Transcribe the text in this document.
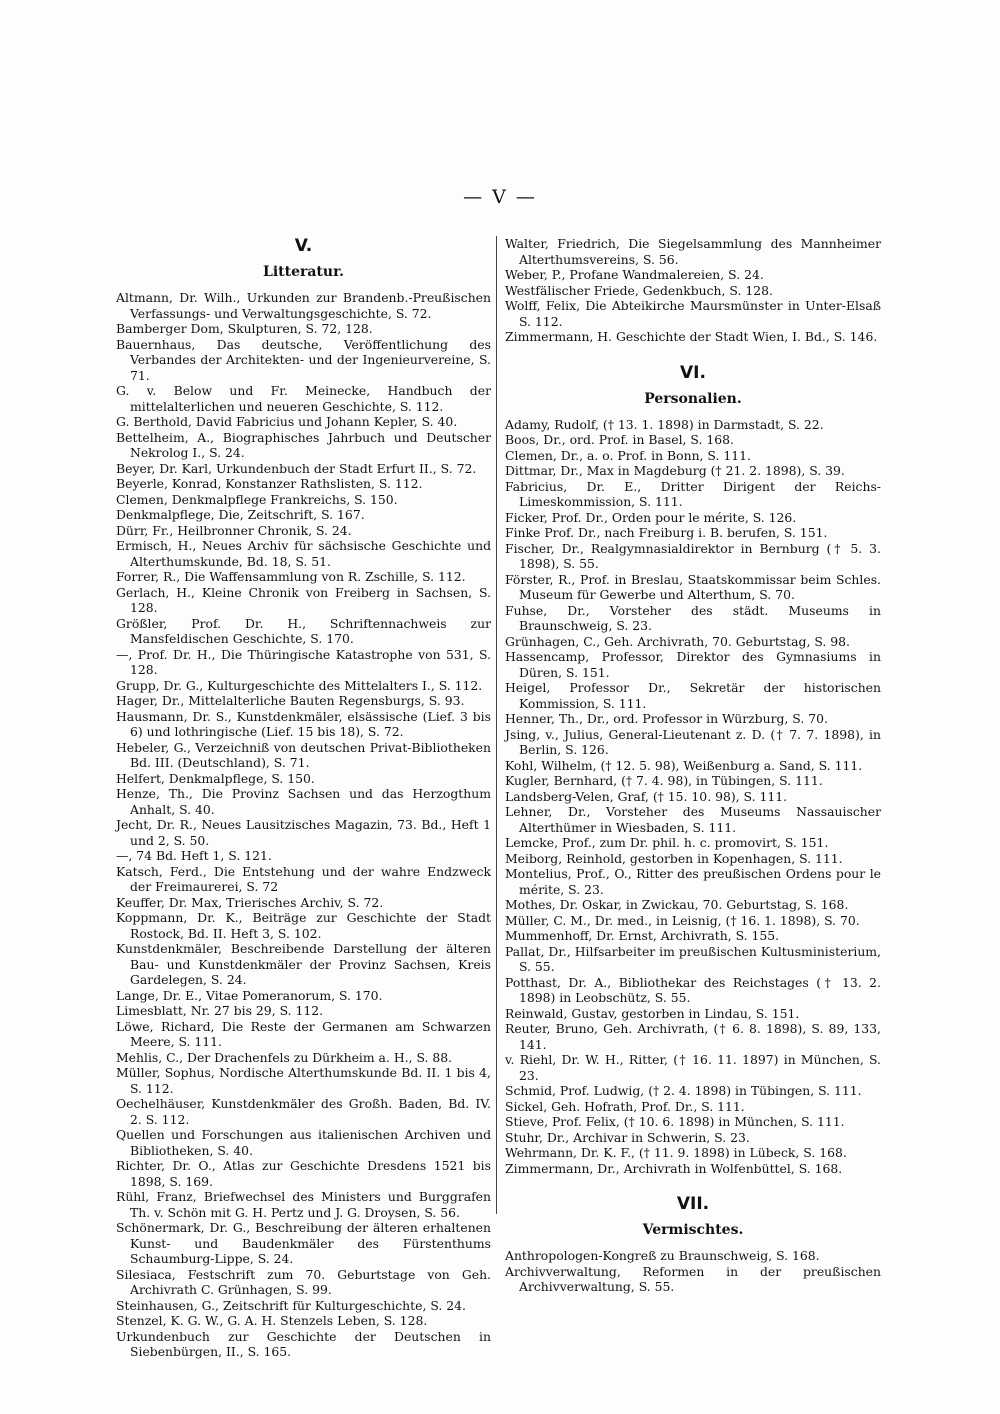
— V —
V.
Litteratur.

Altmann, Dr. Wilh., Urkunden zur Brandenb.-Preußischen Verfassungs- und Verwaltungsgeschichte, S. 72.

Bamberger Dom, Skulpturen, S. 72, 128.

Bauernhaus, Das deutsche, Veröffentlichung des Verbandes der Architekten- und der Ingenieurvereine, S. 71.

G. v. Below und Fr. Meinecke, Handbuch der mittelalterlichen und neueren Geschichte, S. 112.

G. Berthold, David Fabricius und Johann Kepler, S. 40.

Bettelheim, A., Biographisches Jahrbuch und Deutscher Nekrolog I., S. 24.

Beyer, Dr. Karl, Urkundenbuch der Stadt Erfurt II., S. 72.

Beyerle, Konrad, Konstanzer Rathslisten, S. 112.

Clemen, Denkmalpflege Frankreichs, S. 150.

Denkmalpflege, Die, Zeitschrift, S. 167.

Dürr, Fr., Heilbronner Chronik, S. 24.

Ermisch, H., Neues Archiv für sächsische Geschichte und Alterthumskunde, Bd. 18, S. 51.

Forrer, R., Die Waffensammlung von R. Zschille, S. 112.

Gerlach, H., Kleine Chronik von Freiberg in Sachsen, S. 128.

Größler, Prof. Dr. H., Schriftennachweis zur Mansfeldischen Geschichte, S. 170.

—, Prof. Dr. H., Die Thüringische Katastrophe von 531, S. 128.

Grupp, Dr. G., Kulturgeschichte des Mittelalters I., S. 112.

Hager, Dr., Mittelalterliche Bauten Regensburgs, S. 93.

Hausmann, Dr. S., Kunstdenkmäler, elsässische (Lief. 3 bis 6) und lothringische (Lief. 15 bis 18), S. 72.

Hebeler, G., Verzeichniß von deutschen Privat-Bibliotheken Bd. III. (Deutschland), S. 71.

Helfert, Denkmalpflege, S. 150.

Henze, Th., Die Provinz Sachsen und das Herzogthum Anhalt, S. 40.

Jecht, Dr. R., Neues Lausitzisches Magazin, 73. Bd., Heft 1 und 2, S. 50.

—, 74 Bd. Heft 1, S. 121.

Katsch, Ferd., Die Entstehung und der wahre Endzweck der Freimaurerei, S. 72

Keuffer, Dr. Max, Trierisches Archiv, S. 72.

Koppmann, Dr. K., Beiträge zur Geschichte der Stadt Rostock, Bd. II. Heft 3, S. 102.

Kunstdenkmäler, Beschreibende Darstellung der älteren Bau- und Kunstdenkmäler der Provinz Sachsen, Kreis Gardelegen, S. 24.

Lange, Dr. E., Vitae Pomeranorum, S. 170.

Limesblatt, Nr. 27 bis 29, S. 112.

Löwe, Richard, Die Reste der Germanen am Schwarzen Meere, S. 111.

Mehlis, C., Der Drachenfels zu Dürkheim a. H., S. 88.

Müller, Sophus, Nordische Alterthumskunde Bd. II. 1 bis 4, S. 112.

Oechelhäuser, Kunstdenkmäler des Großh. Baden, Bd. IV. 2. S. 112.

Quellen und Forschungen aus italienischen Archiven und Bibliotheken, S. 40.

Richter, Dr. O., Atlas zur Geschichte Dresdens 1521 bis 1898, S. 169.

Rühl, Franz, Briefwechsel des Ministers und Burggrafen Th. v. Schön mit G. H. Pertz und J. G. Droysen, S. 56.

Schönermark, Dr. G., Beschreibung der älteren erhaltenen Kunst- und Baudenkmäler des Fürstenthums Schaumburg-Lippe, S. 24.

Silesiaca, Festschrift zum 70. Geburtstage von Geh. Archivrath C. Grünhagen, S. 99.

Steinhausen, G., Zeitschrift für Kulturgeschichte, S. 24.

Stenzel, K. G. W., G. A. H. Stenzels Leben, S. 128.

Urkundenbuch zur Geschichte der Deutschen in Siebenbürgen, II., S. 165.

Walter, Friedrich, Die Siegelsammlung des Mannheimer Alterthumsvereins, S. 56.

Weber, P., Profane Wandmalereien, S. 24.

Westfälischer Friede, Gedenkbuch, S. 128.

Wolff, Felix, Die Abteikirche Maursmünster in Unter-Elsaß S. 112.

Zimmermann, H. Geschichte der Stadt Wien, I. Bd., S. 146.

VI.
Personalien.

Adamy, Rudolf, († 13. 1. 1898) in Darmstadt, S. 22.

Boos, Dr., ord. Prof. in Basel, S. 168.

Clemen, Dr., a. o. Prof. in Bonn, S. 111.

Dittmar, Dr., Max in Magdeburg († 21. 2. 1898), S. 39.

Fabricius, Dr. E., Dritter Dirigent der Reichs-Limeskommission, S. 111.

Ficker, Prof. Dr., Orden pour le mérite, S. 126.

Finke Prof. Dr., nach Freiburg i. B. berufen, S. 151.

Fischer, Dr., Realgymnasialdirektor in Bernburg († 5. 3. 1898), S. 55.

Förster, R., Prof. in Breslau, Staatskommissar beim Schles. Museum für Gewerbe und Alterthum, S. 70.

Fuhse, Dr., Vorsteher des städt. Museums in Braunschweig, S. 23.

Grünhagen, C., Geh. Archivrath, 70. Geburtstag, S. 98.

Hassencamp, Professor, Direktor des Gymnasiums in Düren, S. 151.

Heigel, Professor Dr., Sekretär der historischen Kommission, S. 111.

Henner, Th., Dr., ord. Professor in Würzburg, S. 70.

Jsing, v., Julius, General-Lieutenant z. D. († 7. 7. 1898), in Berlin, S. 126.

Kohl, Wilhelm, († 12. 5. 98), Weißenburg a. Sand, S. 111.

Kugler, Bernhard, († 7. 4. 98), in Tübingen, S. 111.

Landsberg-Velen, Graf, († 15. 10. 98), S. 111.

Lehner, Dr., Vorsteher des Museums Nassauischer Alterthümer in Wiesbaden, S. 111.

Lemcke, Prof., zum Dr. phil. h. c. promovirt, S. 151.

Meiborg, Reinhold, gestorben in Kopenhagen, S. 111.

Montelius, Prof., O., Ritter des preußischen Ordens pour le mérite, S. 23.

Mothes, Dr. Oskar, in Zwickau, 70. Geburtstag, S. 168.

Müller, C. M., Dr. med., in Leisnig, († 16. 1. 1898), S. 70.

Mummenhoff, Dr. Ernst, Archivrath, S. 155.

Pallat, Dr., Hilfsarbeiter im preußischen Kultusministerium, S. 55.

Potthast, Dr. A., Bibliothekar des Reichstages († 13. 2. 1898) in Leobschütz, S. 55.

Reinwald, Gustav, gestorben in Lindau, S. 151.

Reuter, Bruno, Geh. Archivrath, († 6. 8. 1898), S. 89, 133, 141.

v. Riehl, Dr. W. H., Ritter, († 16. 11. 1897) in München, S. 23.

Schmid, Prof. Ludwig, († 2. 4. 1898) in Tübingen, S. 111.

Sickel, Geh. Hofrath, Prof. Dr., S. 111.

Stieve, Prof. Felix, († 10. 6. 1898) in München, S. 111.

Stuhr, Dr., Archivar in Schwerin, S. 23.

Wehrmann, Dr. K. F., († 11. 9. 1898) in Lübeck, S. 168.

Zimmermann, Dr., Archivrath in Wolfenbüttel, S. 168.

VII.
Vermischtes.

Anthropologen-Kongreß zu Braunschweig, S. 168.

Archivverwaltung, Reformen in der preußischen Archivverwaltung, S. 55.
